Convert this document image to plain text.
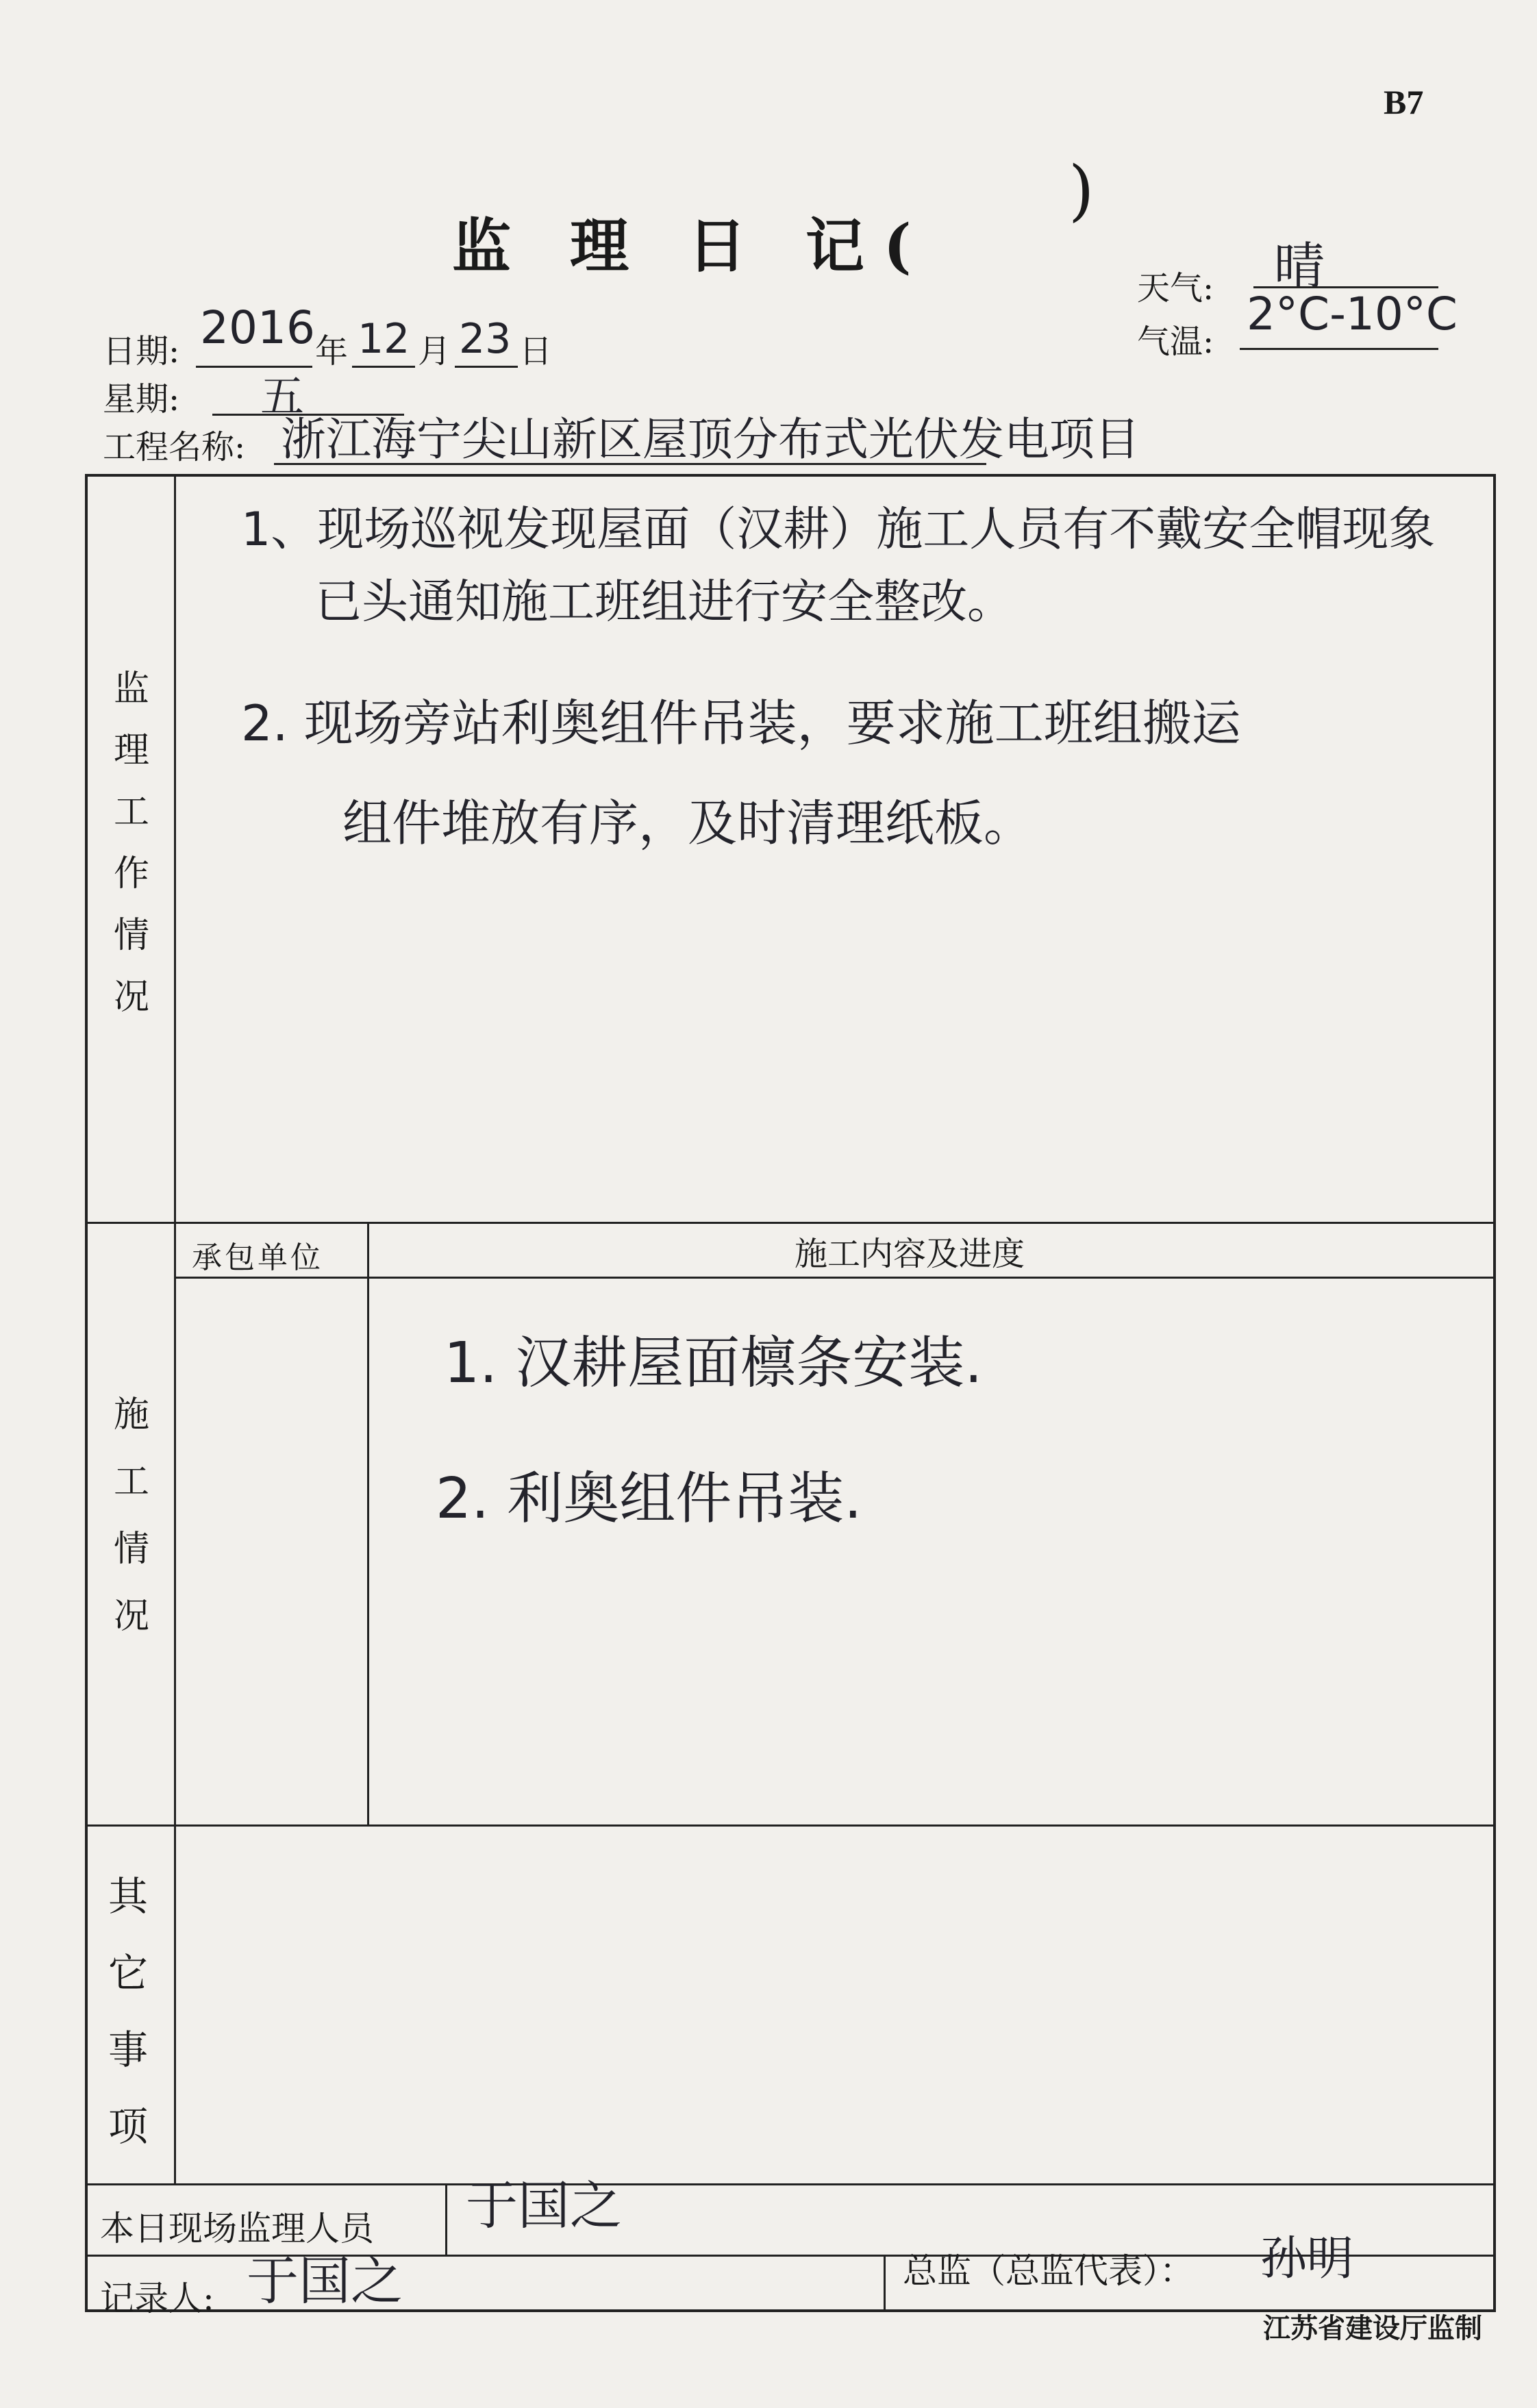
B7
监 理 日 记(
)
天气: 晴
气温:
2°C-10°C
日期: 2016 年 12 月 23 日
星期: 五
工程名称: 浙江海宁尖山新区屋顶分布式光伏发电项目
监
理
工
作
情
况
1、现场巡视发现屋面（汉耕）施工人员有不戴安全帽现象
已头通知施工班组进行安全整改。
2. 现场旁站利奥组件吊装，要求施工班组搬运
组件堆放有序，及时清理纸板。
施
工
情
况
承包单位	施工内容及进度
1. 汉耕屋面檩条安装.
2. 利奥组件吊装.
其
它
事
项
本日现场监理人员 于国之
记录人: 于国之	总监（总监代表）： 孙明
江苏省建设厅监制
